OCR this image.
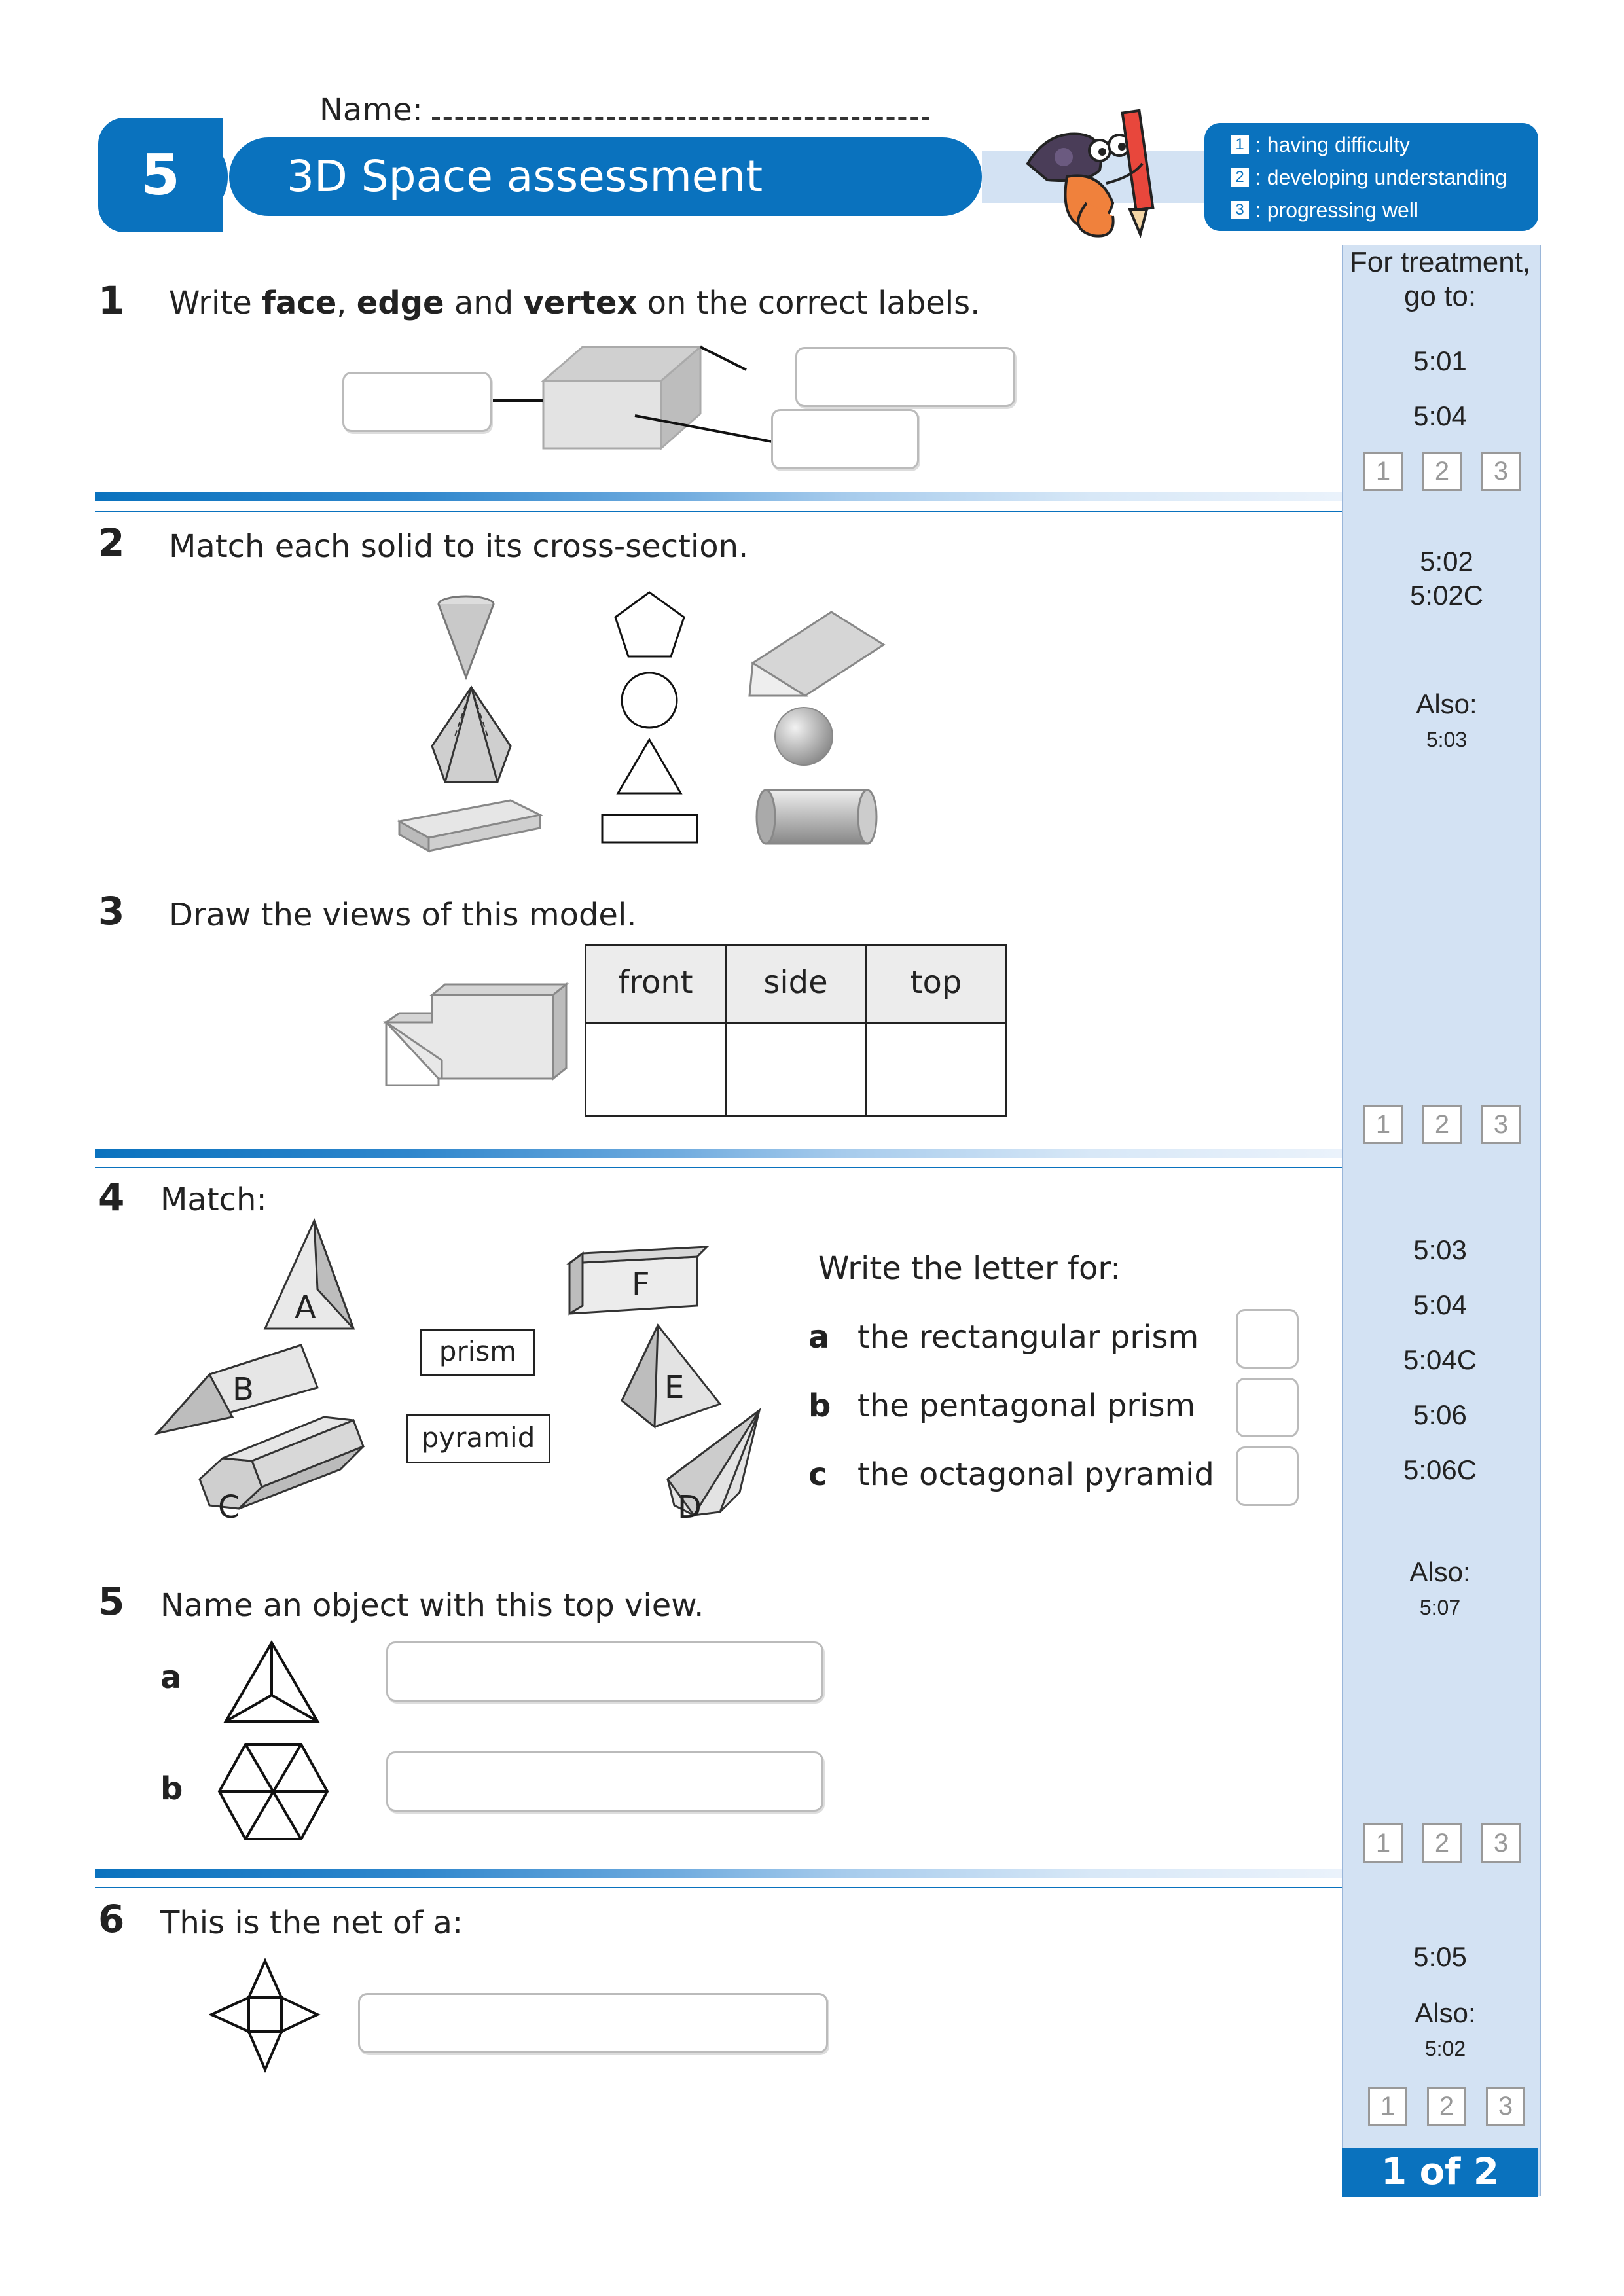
Name:
5	3D Space assessment
1 : having difficulty
2 : developing understanding
3 : progressing well
For treatment,
go to:
5:01
5:04
1	2	3
5:02
5:02C
Also:
5:03
1	2	3
5:03
5:04
5:04C
5:06
5:06C
Also:
5:07
1	2	3
5:05
Also:
5:02
1	2	3
1 of 2
1 Write face, edge and vertex on the correct labels.
2 Match each solid to its cross-section.
3 Draw the views of this model.
front	side	top
4 Match:
A
B
C	D
E
F
prism
pyramid
Write the letter for:
a the rectangular prism
b the pentagonal prism
c the octagonal pyramid
5 Name an object with this top view.
a
b
6 This is the net of a:
